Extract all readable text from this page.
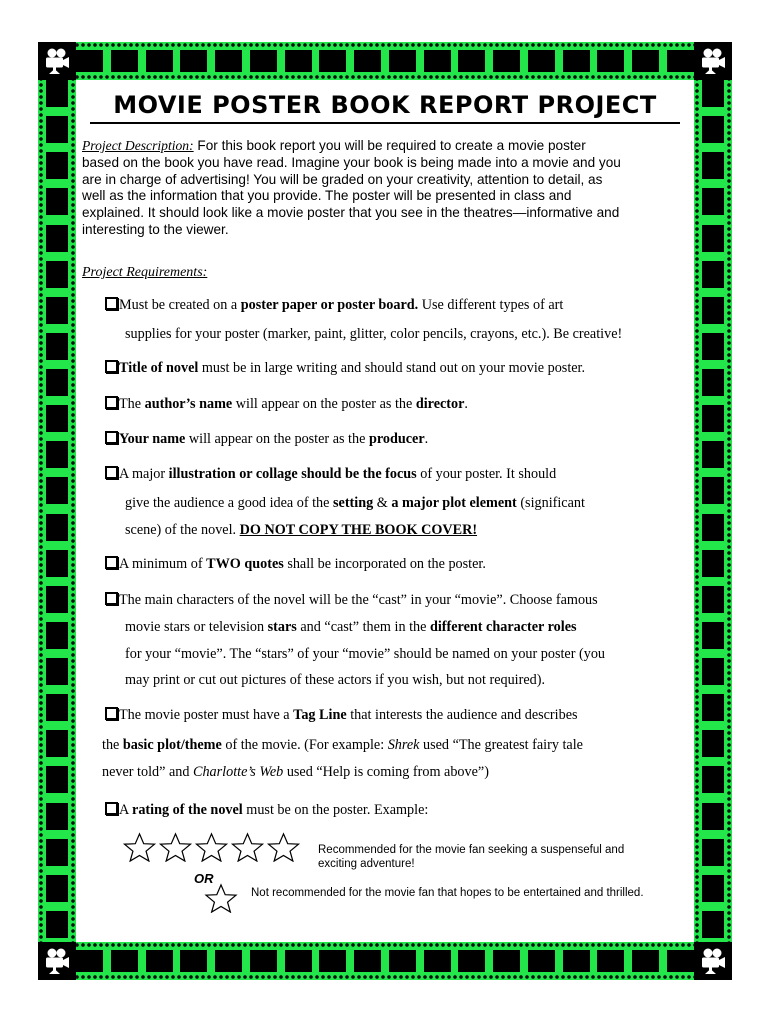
MOVIE POSTER BOOK REPORT PROJECT
Project Description: For this book report you will be required to create a movie poster
based on the book you have read. Imagine your book is being made into a movie and you
are in charge of advertising! You will be graded on your creativity, attention to detail, as
well as the information that you provide. The poster will be presented in class and
explained. It should look like a movie poster that you see in the theatres—informative and
interesting to the viewer.
Project Requirements:
Must be created on a poster paper or poster board. Use different types of art
supplies for your poster (marker, paint, glitter, color pencils, crayons, etc.). Be creative!
Title of novel must be in large writing and should stand out on your movie poster.
The author’s name will appear on the poster as the director.
Your name will appear on the poster as the producer.
A major illustration or collage should be the focus of your poster. It should
give the audience a good idea of the setting & a major plot element (significant
scene) of the novel. DO NOT COPY THE BOOK COVER!
A minimum of TWO quotes shall be incorporated on the poster.
The main characters of the novel will be the “cast” in your “movie”. Choose famous
movie stars or television stars and “cast” them in the different character roles
for your “movie”. The “stars” of your “movie” should be named on your poster (you
may print or cut out pictures of these actors if you wish, but not required).
The movie poster must have a Tag Line that interests the audience and describes
the basic plot/theme of the movie. (For example: Shrek used “The greatest fairy tale
never told” and Charlotte’s Web used “Help is coming from above”)
A rating of the novel must be on the poster. Example:
Recommended for the movie fan seeking a suspenseful and
exciting adventure!
OR
Not recommended for the movie fan that hopes to be entertained and thrilled.
